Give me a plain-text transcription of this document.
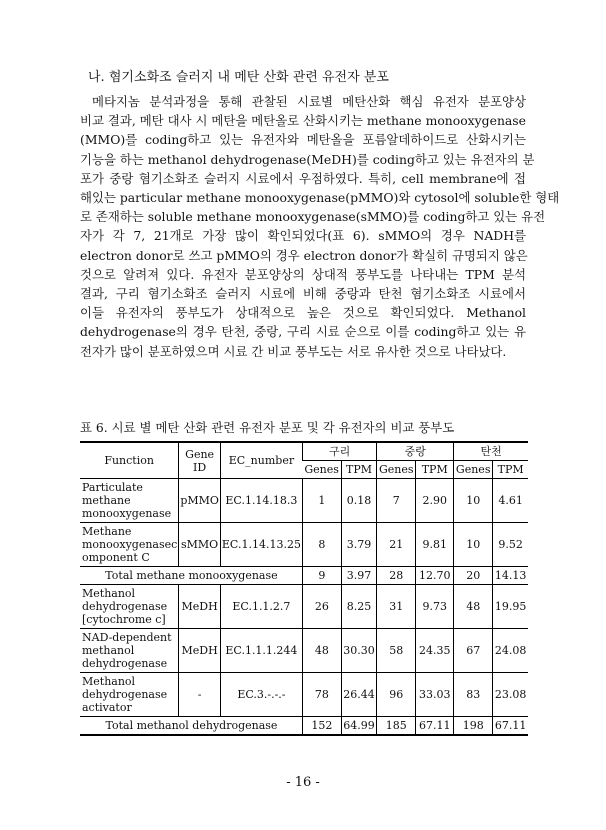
나. 혐기소화조 슬러지 내 메탄 산화 관련 유전자 분포

메타지놈 분석과정을 통해 관찰된 시료별 메탄산화 핵심 유전자 분포양상
비교 결과, 메탄 대사 시 메탄을 메탄올로 산화시키는 methane monooxygenase
(MMO)를 coding하고 있는 유전자와 메탄올을 포름알데하이드로 산화시키는
기능을 하는 methanol dehydrogenase(MeDH)를 coding하고 있는 유전자의 분
포가 중랑 혐기소화조 슬러지 시료에서 우점하였다. 특히, cell membrane에 접
해있는 particular methane monooxygenase(pMMO)와 cytosol에 soluble한 형태
로 존재하는 soluble methane monooxygenase(sMMO)를 coding하고 있는 유전
자가 각 7, 21개로 가장 많이 확인되었다(표 6). sMMO의 경우 NADH를
electron donor로 쓰고 pMMO의 경우 electron donor가 확실히 규명되지 않은
것으로 알려져 있다. 유전자 분포양상의 상대적 풍부도를 나타내는 TPM 분석
결과, 구리 혐기소화조 슬러지 시료에 비해 중랑과 탄천 혐기소화조 시료에서
이들 유전자의 풍부도가 상대적으로 높은 것으로 확인되었다. Methanol
dehydrogenase의 경우 탄천, 중랑, 구리 시료 순으로 이를 coding하고 있는 유
전자가 많이 분포하였으며 시료 간 비교 풍부도는 서로 유사한 것으로 나타났다.

표 6. 시료 별 메탄 산화 관련 유전자 분포 및 각 유전자의 비교 풍부도
Function	Gene ID	EC_number	구리		중랑		탄천	
			Genes	TPM	Genes	TPM	Genes	TPM
Particulate methane monooxygenase	pMMO	EC.1.14.18.3	1	0.18	7	2.90	10	4.61
Methane monooxygenasec omponent C	sMMO	EC.1.14.13.25	8	3.79	21	9.81	10	9.52
Total methane monooxygenase			9	3.97	28	12.70	20	14.13
Methanol dehydrogenase [cytochrome c]	MeDH	EC.1.1.2.7	26	8.25	31	9.73	48	19.95
NAD-dependent methanol dehydrogenase	MeDH	EC.1.1.1.244	48	30.30	58	24.35	67	24.08
Methanol dehydrogenase activator	-	EC.3.-.-.-	78	26.44	96	33.03	83	23.08
Total methanol dehydrogenase			152	64.99	185	67.11	198	67.11
- 16 -
